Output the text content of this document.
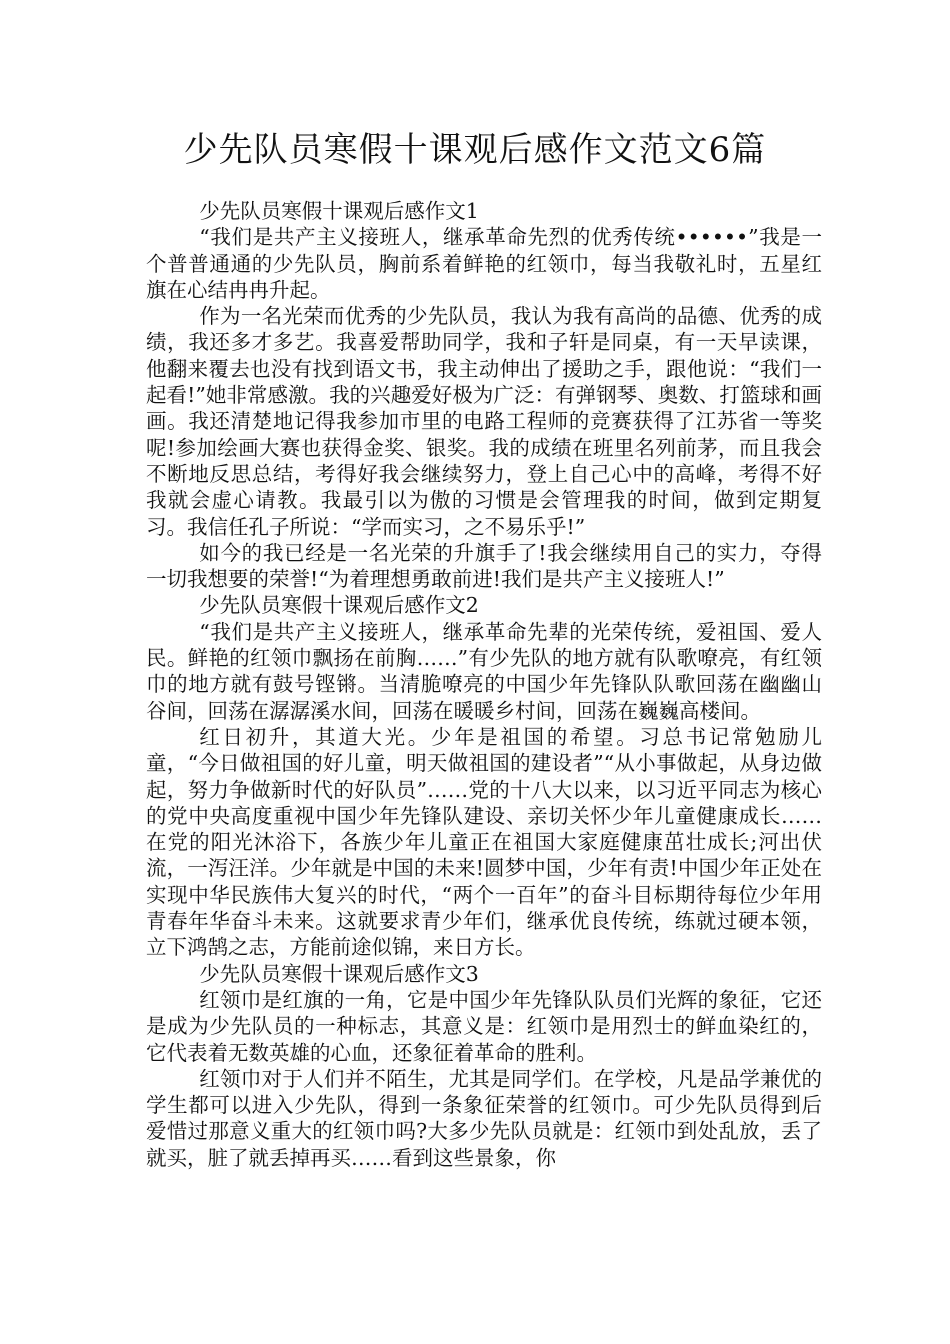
少先队员寒假十课观后感作文范文6篇

少先队员寒假十课观后感作文1

“我们是共产主义接班人，继承革命先烈的优秀传统••••••”我是一个普普通通的少先队员，胸前系着鲜艳的红领巾，每当我敬礼时，五星红旗在心结冉冉升起。

作为一名光荣而优秀的少先队员，我认为我有高尚的品德、优秀的成绩，我还多才多艺。我喜爱帮助同学，我和子轩是同桌，有一天早读课，他翻来覆去也没有找到语文书，我主动伸出了援助之手，跟他说：“我们一起看!”她非常感激。我的兴趣爱好极为广泛：有弹钢琴、奥数、打篮球和画画。我还清楚地记得我参加市里的电路工程师的竞赛获得了江苏省一等奖呢!参加绘画大赛也获得金奖、银奖。我的成绩在班里名列前茅，而且我会不断地反思总结，考得好我会继续努力，登上自己心中的高峰，考得不好我就会虚心请教。我最引以为傲的习惯是会管理我的时间，做到定期复习。我信任孔子所说：“学而实习，之不易乐乎!”

如今的我已经是一名光荣的升旗手了!我会继续用自己的实力，夺得一切我想要的荣誉!“为着理想勇敢前进!我们是共产主义接班人!”

少先队员寒假十课观后感作文2

“我们是共产主义接班人，继承革命先辈的光荣传统，爱祖国、爱人民。鲜艳的红领巾飘扬在前胸……”有少先队的地方就有队歌嘹亮，有红领巾的地方就有鼓号铿锵。当清脆嘹亮的中国少年先锋队队歌回荡在幽幽山谷间，回荡在潺潺溪水间，回荡在暖暖乡村间，回荡在巍巍高楼间。

红日初升，其道大光。少年是祖国的希望。习总书记常勉励儿童，“今日做祖国的好儿童，明天做祖国的建设者”“从小事做起，从身边做起，努力争做新时代的好队员”……党的十八大以来，以习近平同志为核心的党中央高度重视中国少年先锋队建设、亲切关怀少年儿童健康成长……在党的阳光沐浴下，各族少年儿童正在祖国大家庭健康茁壮成长;河出伏流，一泻汪洋。少年就是中国的未来!圆梦中国，少年有责!中国少年正处在实现中华民族伟大复兴的时代，“两个一百年”的奋斗目标期待每位少年用青春年华奋斗未来。这就要求青少年们，继承优良传统，练就过硬本领，立下鸿鹄之志，方能前途似锦，来日方长。

少先队员寒假十课观后感作文3

红领巾是红旗的一角，它是中国少年先锋队队员们光辉的象征，它还是成为少先队员的一种标志，其意义是：红领巾是用烈士的鲜血染红的，它代表着无数英雄的心血，还象征着革命的胜利。

红领巾对于人们并不陌生，尤其是同学们。在学校，凡是品学兼优的学生都可以进入少先队，得到一条象征荣誉的红领巾。可少先队员得到后爱惜过那意义重大的红领巾吗?大多少先队员就是：红领巾到处乱放，丢了就买，脏了就丢掉再买……看到这些景象，你
